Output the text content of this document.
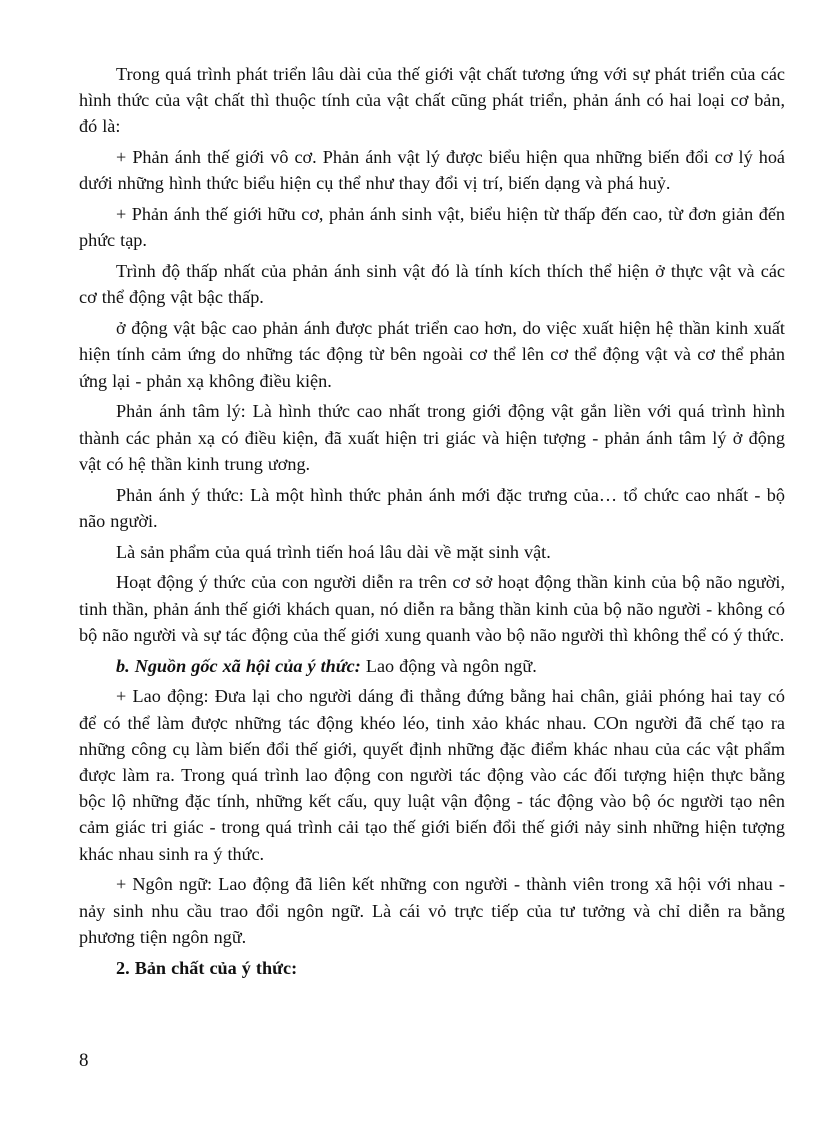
Trong quá trình phát triển lâu dài của thế giới vật chất tương ứng với sự phát triển của các hình thức của vật chất thì thuộc tính của vật chất cũng phát triển, phản ánh có hai loại cơ bản, đó là:

+ Phản ánh thế giới vô cơ. Phản ánh vật lý được biểu hiện qua những biến đổi cơ lý hoá dưới những hình thức biểu hiện cụ thể như thay đổi vị trí, biến dạng và phá huỷ.

+ Phản ánh thế giới hữu cơ, phản ánh sinh vật, biểu hiện từ thấp đến cao, từ đơn giản đến phức tạp.

Trình độ thấp nhất của phản ánh sinh vật đó là tính kích thích thể hiện ở thực vật và các cơ thể động vật bậc thấp.

ở động vật bậc cao phản ánh được phát triển cao hơn, do việc xuất hiện hệ thần kinh xuất hiện tính cảm ứng do những tác động từ bên ngoài cơ thể lên cơ thể động vật và cơ thể phản ứng lại - phản xạ không điều kiện.

Phản ánh tâm lý: Là hình thức cao nhất trong giới động vật gắn liền với quá trình hình thành các phản xạ có điều kiện, đã xuất hiện tri giác và hiện tượng - phản ánh tâm lý ở động vật có hệ thần kinh trung ương.

Phản ánh ý thức: Là một hình thức phản ánh mới đặc trưng của… tổ chức cao nhất - bộ não người.

Là sản phẩm của quá trình tiến hoá lâu dài về mặt sinh vật.

Hoạt động ý thức của con người diễn ra trên cơ sở hoạt động thần kinh của bộ não người, tinh thần, phản ánh thế giới khách quan, nó diễn ra bằng thần kinh của bộ não người - không có bộ não người và sự tác động của thế giới xung quanh vào bộ não người thì không thể có ý thức.

b. Nguồn gốc xã hội của ý thức: Lao động và ngôn ngữ.

+ Lao động: Đưa lại cho người dáng đi thẳng đứng bằng hai chân, giải phóng hai tay có để có thể làm được những tác động khéo léo, tinh xảo khác nhau. COn người đã chế tạo ra những công cụ làm biến đổi thế giới, quyết định những đặc điểm khác nhau của các vật phẩm được làm ra. Trong quá trình lao động con người tác động vào các đối tượng hiện thực bằng bộc lộ những đặc tính, những kết cấu, quy luật vận động - tác động vào bộ óc người tạo nên cảm giác tri giác - trong quá trình cải tạo thế giới biến đổi thế giới nảy sinh những hiện tượng khác nhau sinh ra ý thức.

+ Ngôn ngữ: Lao động đã liên kết những con người - thành viên trong xã hội với nhau - nảy sinh nhu cầu trao đổi ngôn ngữ. Là cái vỏ trực tiếp của tư tưởng và chỉ diễn ra bằng phương tiện ngôn ngữ.

2. Bản chất của ý thức:

8
